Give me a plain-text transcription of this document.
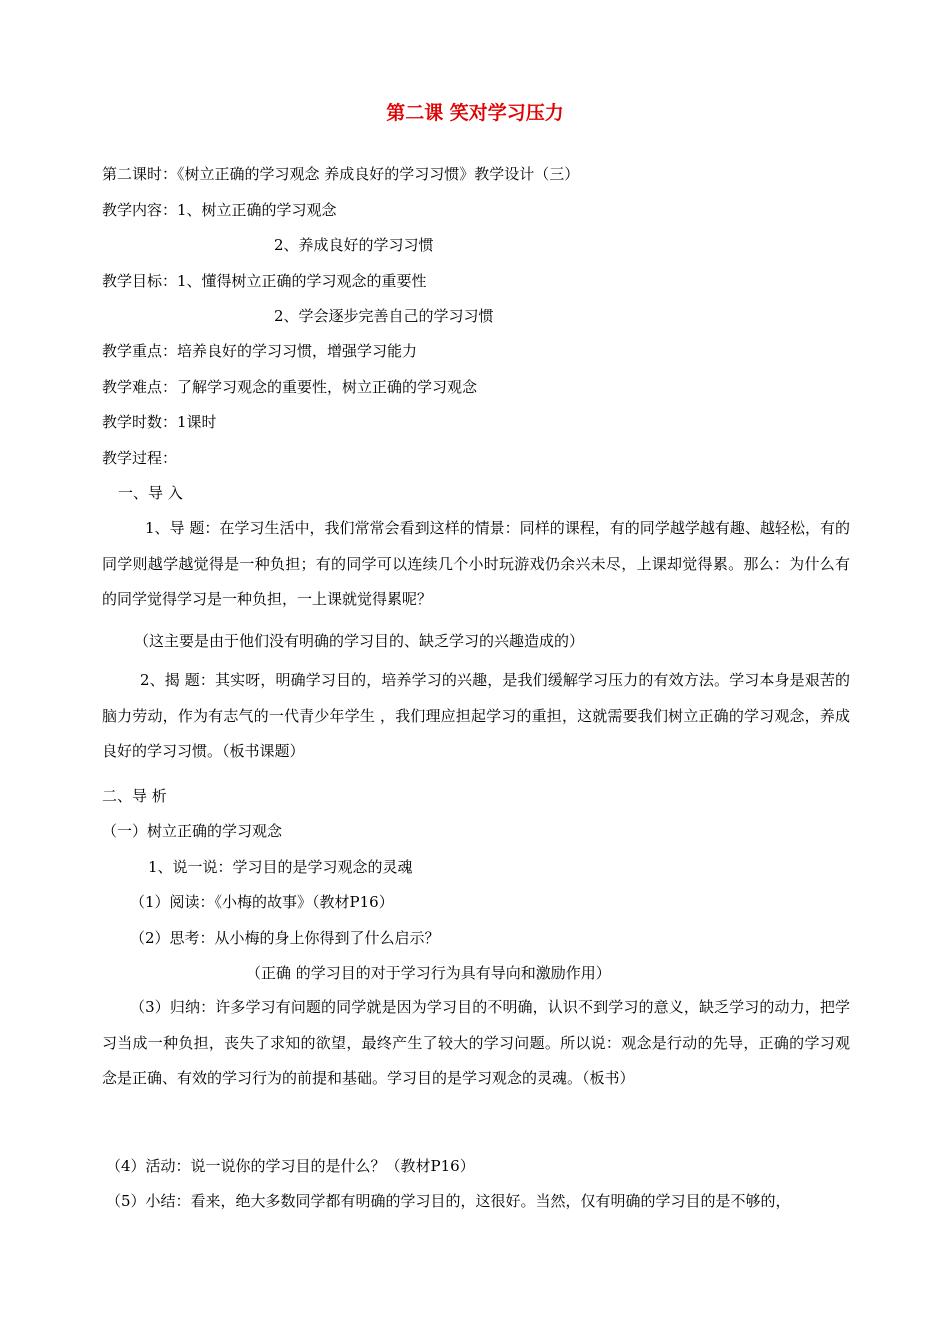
第二课 笑对学习压力
第二课时：《树立正确的学习观念 养成良好的学习习惯》教学设计（三）
教学内容：1、树立正确的学习观念
2、养成良好的学习习惯
教学目标：1、懂得树立正确的学习观念的重要性
2、学会逐步完善自己的学习习惯
教学重点：培养良好的学习习惯，增强学习能力
教学难点：了解学习观念的重要性，树立正确的学习观念
教学时数：1课时
教学过程：
一、导 入
1、导 题：在学习生活中，我们常常会看到这样的情景：同样的课程，有的同学越学越有趣、越轻松，有的同学则越学越觉得是一种负担；有的同学可以连续几个小时玩游戏仍余兴未尽，上课却觉得累。那么：为什么有的同学觉得学习是一种负担，一上课就觉得累呢？
（这主要是由于他们没有明确的学习目的、缺乏学习的兴趣造成的）
2、揭 题：其实呀，明确学习目的，培养学习的兴趣，是我们缓解学习压力的有效方法。学习本身是艰苦的脑力劳动，作为有志气的一代青少年学生 ，我们理应担起学习的重担，这就需要我们树立正确的学习观念，养成良好的学习习惯。（板书课题）
二、导 析
（一）树立正确的学习观念
1、说一说：学习目的是学习观念的灵魂
（1）阅读：《小梅的故事》（教材P16）
（2）思考：从小梅的身上你得到了什么启示？
（正确 的学习目的对于学习行为具有导向和激励作用）
（3）归纳：许多学习有问题的同学就是因为学习目的不明确，认识不到学习的意义，缺乏学习的动力，把学习当成一种负担，丧失了求知的欲望，最终产生了较大的学习问题。所以说：观念是行动的先导，正确的学习观念是正确、有效的学习行为的前提和基础。学习目的是学习观念的灵魂。（板书）
（4）活动：说一说你的学习目的是什么？（教材P16）
（5）小结：看来，绝大多数同学都有明确的学习目的，这很好。当然，仅有明确的学习目的是不够的，
